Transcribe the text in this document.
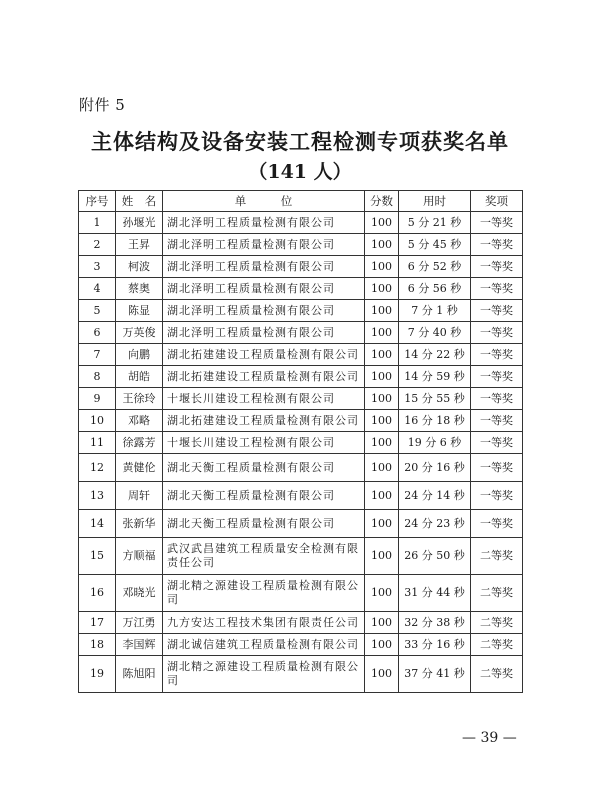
附件 5
主体结构及设备安装工程检测专项获奖名单
（141 人）
序号	姓　名	单　　　位	分数	用时	奖项
1	孙堰光	湖北泽明工程质量检测有限公司	100	5 分 21 秒	一等奖
2	王昇	湖北泽明工程质量检测有限公司	100	5 分 45 秒	一等奖
3	柯波	湖北泽明工程质量检测有限公司	100	6 分 52 秒	一等奖
4	蔡奥	湖北泽明工程质量检测有限公司	100	6 分 56 秒	一等奖
5	陈显	湖北泽明工程质量检测有限公司	100	7 分 1 秒	一等奖
6	万英俊	湖北泽明工程质量检测有限公司	100	7 分 40 秒	一等奖
7	向鹏	湖北拓建建设工程质量检测有限公司	100	14 分 22 秒	一等奖
8	胡皓	湖北拓建建设工程质量检测有限公司	100	14 分 59 秒	一等奖
9	王徐玲	十堰长川建设工程检测有限公司	100	15 分 55 秒	一等奖
10	邓略	湖北拓建建设工程质量检测有限公司	100	16 分 18 秒	一等奖
11	徐露芳	十堰长川建设工程检测有限公司	100	19 分 6 秒	一等奖
12	黄健伦	湖北天衡工程质量检测有限公司	100	20 分 16 秒	一等奖
13	周轩	湖北天衡工程质量检测有限公司	100	24 分 14 秒	一等奖
14	张新华	湖北天衡工程质量检测有限公司	100	24 分 23 秒	一等奖
15	方顺福	武汉武昌建筑工程质量安全检测有限责任公司	100	26 分 50 秒	二等奖
16	邓晓光	湖北精之源建设工程质量检测有限公司	100	31 分 44 秒	二等奖
17	万江勇	九方安达工程技术集团有限责任公司	100	32 分 38 秒	二等奖
18	李国辉	湖北诚信建筑工程质量检测有限公司	100	33 分 16 秒	二等奖
19	陈旭阳	湖北精之源建设工程质量检测有限公司	100	37 分 41 秒	二等奖
— 39 —
